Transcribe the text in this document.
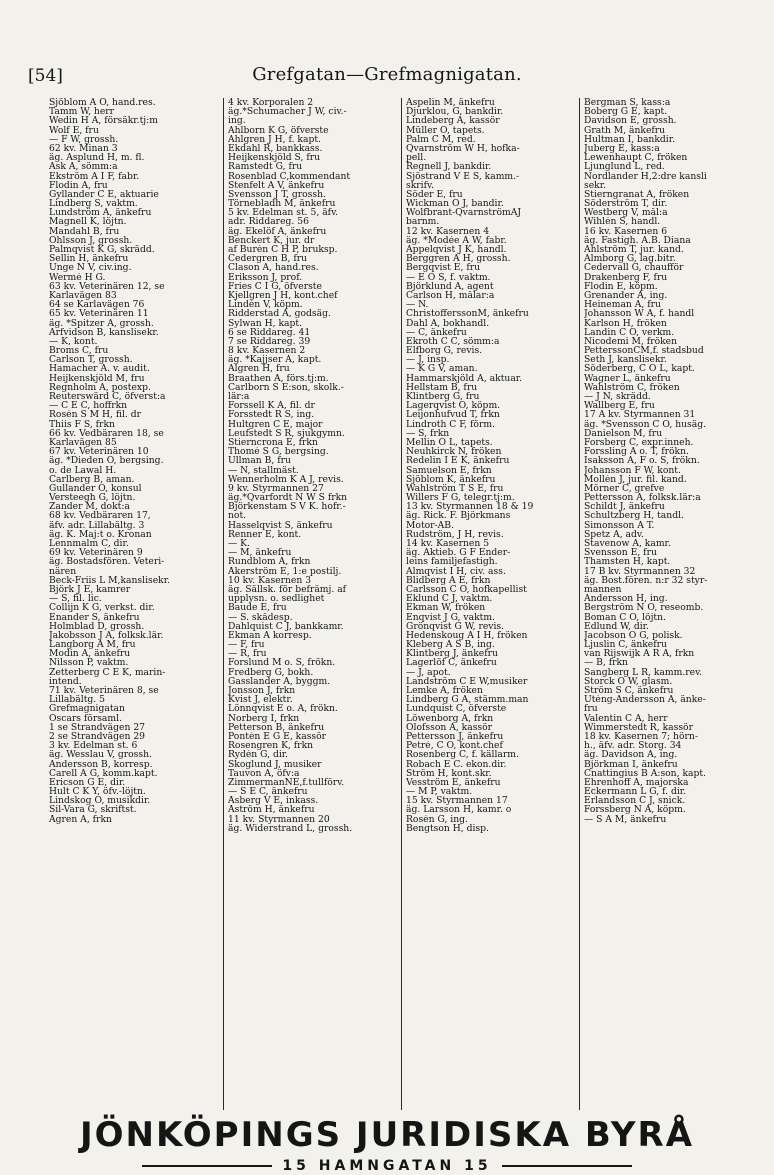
[54]	Grefgatan—Grefmagnigatan.
Sjöblom A O, hand.res.
Tamm W, herr
Wedin H A, försäkr.tj:m
Wolf E, fru
— F W, grossh.
62 kv. Minan 3
äg. Asplund H, m. fl.
Ask A, sömm:a
Ekström A I F, fabr.
Flodin A, fru
Gyllander C E, aktuarie
Lindberg S, vaktm.
Lundström A, änkefru
Magnell K, löjtn.
Mandahl B, fru
Ohlsson J, grossh.
Palmqvist K G, skrädd.
Sellin H, änkefru
Unge N V, civ.ing.
Wermé H G.
63 kv. Veterinären 12, se
Karlavägen 83
64 se Karlavägen 76
65 kv. Veterinären 11
äg. *Spitzer A, grossh.
Arfvidson B, kanslisekr.
— K, kont.
Broms C, fru
Carlson T, grossh.
Hamacher A. v. audit.
Heijkenskjöld M, fru
Regnholm A, postexp.
Reuterswärd C, öfverst:a
— C E C, hoffrkn
Rosén S M H, fil. dr
Thiis F S, frkn
66 kv. Vedbäraren 18, se
Karlavägen 85
67 kv. Veterinären 10
äg. *Dieden O, bergsing.
o. de Lawal H.
Carlberg B, aman.
Gullander O, konsul
Versteegh G, löjtn.
Zander M, dokt:a
68 kv. Vedbäraren 17,
äfv. adr. Lillabältg. 3
äg. K. Maj:t o. Kronan
Lennmalm C, dir.
69 kv. Veterinären 9
äg. Bostadsfören. Veteri-
nären
Beck-Friis L M,kanslisekr.
Björk J E, kamrer
— S, fil. lic.
Collijn K G, verkst. dir.
Enander S, änkefru
Holmblad D, grossh.
Jakobsson J A, folksk.lär.
Langborg A M, fru
Modin A, änkefru
Nilsson P, vaktm.
Zetterberg C E K, marin-
intend.
71 kv. Veterinären 8, se
Lillabältg. 5
Grefmagnigatan
Oscars församl.
1 se Strandvägen 27
2 se Strandvägen 29
3 kv. Edelman st. 6
äg. Wesslau V, grossh.
Andersson B, korresp.
Carell A G, komm.kapt.
Ericson G E, dir.
Hult C K Y, öfv.-löjtn.
Lindskog O, musikdir.
Sil-Vara G, skriftst.
Ågren A, frkn
4 kv. Korporalen 2
äg.*Schumacher J W, civ.-
ing.
Ahlborn K G, öfverste
Ahlgren J H, f. kapt.
Ekdahl R, bankkass.
Heijkenskjöld S, fru
Ramstedt G, fru
Rosenblad C,kommendant
Stenfelt A V, änkefru
Svensson J T, grossh.
Törnebladh M, änkefru
5 kv. Edelman st. 5, äfv.
adr. Riddareg. 56
äg. Ekelöf A, änkefru
Benckert K, jur. dr
af Burén C H P, bruksp.
Cedergren B, fru
Clason A, hand.res.
Eriksson J, prof.
Fries C I G, öfverste
Kjellgren J H, kont.chef
Lindén V, köpm.
Ridderstad A, godsäg.
Sylwan H, kapt.
6 se Riddareg. 41
7 se Riddareg. 39
8 kv. Kasernen 2
äg. *Kajjser A, kapt.
Algren H, fru
Braathen A, förs.tj:m.
Carlborn S E:son, skolk.-
lär:a
Forssell K A, fil. dr
Forsstedt R S, ing.
Hultgren C E, major
Leufstedt S R, sjukgymn.
Stierncrona E, frkn
Thomé S G, bergsing.
Ullman B, fru
— N, stallmäst.
Wennerholm K A J, revis.
9 kv. Styrmannen 27
äg.*Qvarfordt N W S frkn
Björkenstam S V K. hofr.-
not.
Hasselqvist S, änkefru
Renner E, kont.
— K.
— M, änkefru
Rundblom A, frkn
Åkerström E, 1:e postilj.
10 kv. Kasernen 3
äg. Sällsk. för befrämj. af
upplysn. o. sedlighet
Baude E, fru
— S. skådesp.
Dahlquist C J, bankkamr.
Ekman A korresp.
— F, fru
— R, fru
Forslund M o. S, frökn.
Fredberg G, bokh.
Gasslander A, byggm.
Jonsson J, frkn
Kvist J, elektr.
Lönnqvist E o. A, frökn.
Norberg I, frkn
Petterson B, änkefru
Pontén E G E, kassör
Rosengren K, frkn
Rydén G, dir.
Skoglund J, musiker
Tauvon A, öfv:a
ZimmermanNE,f.tullförv.
— S E C, änkefru
Åsberg V E, inkass.
Åström H, änkefru
11 kv. Styrmannen 20
äg. Widerstrand L, grossh.
Aspelin M, änkefru
Djurklou, G, bankdir.
Lindeberg A, kassör
Müller O, tapets.
Palm C M, red.
Qvarnström W H, hofka-
pell.
Regnell J, bankdir.
Sjöstrand V E S, kamm.-
skrifv.
Söder E, fru
Wickman O J, bandir.
Wolfbrant-QvarnströmAJ
barnm.
12 kv. Kasernen 4
äg. *Modée A W, fabr.
Appelqvist J K, handl.
Berggren A H, grossh.
Bergqvist E, fru
— E O S, f. vaktm.
Björklund A, agent
Carlson H, målar:a
— N.
ChristofferssonM, änkefru
Dahl A, bokhandl.
— C, änkefru
Ekroth C C, sömm:a
Elfborg G, revis.
— J, insp.
— K G V, aman.
Hammarskjöld A, aktuar.
Hellstam B, fru
Klintberg G, fru
Lagerqvist O, köpm.
Leijonhufvud T, frkn
Lindroth C F, förm.
— S, frkn
Mellin O L, tapets.
Neuhkirck N, fröken
Redelin I E K, änkefru
Samuelson E, frkn
Sjöblom K, änkefru
Wahlström T S E, fru
Willers F G, telegr.tj:m.
13 kv. Styrmannen 18 & 19
äg. Rick. F. Björkmans
Motor-AB.
Rudström, J H, revis.
14 kv. Kasernen 5
äg. Aktieb. G F Ender-
leins familjefastigh.
Almqvist I H, civ. ass.
Blidberg A E, frkn
Carlsson C O, hofkapellist
Eklund C J, vaktm.
Ekman W, fröken
Enqvist J G, vaktm.
Grönqvist G W, revis.
Hedenskoug A I H, fröken
Kleberg A S B, ing.
Klintberg J, änkefru
Lagerlöf C, änkefru
— J, apot.
Landström C E W,musiker
Lemke A, fröken
Lindberg G A, stämm.man
Lundquist C, öfverste
Löwenborg A, frkn
Olofsson A, kassör
Pettersson J, änkefru
Petré, C O, kont.chef
Rosenberg C, f. källarm.
Robach E C. ekon.dir.
Ström H, kont.skr.
Vesström E, änkefru
— M P, vaktm.
15 kv. Styrmannen 17
äg. Larsson H, kamr. o
Rosén G, ing.
Bengtson H, disp.
Bergman S, kass:a
Boberg G E, kapt.
Davidson E, grossh.
Grath M, änkefru
Hultman I, bankdir.
Juberg E, kass:a
Lewenhaupt C, fröken
Ljunglund L, red.
Nordlander H,2:dre kansli
sekr.
Stierngranat A, fröken
Söderström T, dir.
Westberg V, mål:a
Wihlén S, handl.
16 kv. Kasernen 6
äg. Fastigh. A.B. Diana
Ahlström T, jur. kand.
Almborg G, lag.bitr.
Cedervall G, chaufför
Drakenberg F, fru
Flodin E, köpm.
Grenander A, ing.
Heineman A, fru
Johansson W A, f. handl
Karlson H, fröken
Landin C O, verkm.
Nicodemi M, fröken
PetterssonCM,f. stadsbud
Seth J, kanslisekr.
Söderberg, C O L, kapt.
Wagner L, änkefru
Wahlström C, fröken
— J N, skrädd.
Wallberg E, fru
17 A kv. Styrmannen 31
äg. *Svensson C O, husäg.
Danielson M, fru
Forsberg C, expr.inneh.
Forssling A o. T, frökn.
Isaksson A, F o. S, frökn.
Johansson F W, kont.
Mollén J, jur. fil. kand.
Mörner C, grefve
Pettersson A, folksk.lär:a
Schildt J, änkefru
Schultzberg H, tandl.
Simonsson A T.
Spetz A, adv.
Stavenow A, kamr.
Svensson E, fru
Thamsten H, kapt.
17 B kv. Styrmannen 32
äg. Bost.fören. n:r 32 styr-
mannen
Andersson H, ing.
Bergström N O, reseomb.
Boman C O, löjtn.
Edlund W, dir.
Jacobson O G, polisk.
Ljuslin C, änkefru
van Rijswijk A R A, frkn
— B, frkn
Sangberg L R, kamm.rev.
Storck O W, glasm.
Ström S C, änkefru
Uténg-Andersson A, änke-
fru
Valentin C A, herr
Wimmerstedt R, kassör
18 kv. Kasernen 7; hörn-
h., äfv. adr. Storg. 34
äg. Davidson A, ing.
Björkman I, änkefru
Cnattingius B A:son, kapt.
Ehrenhoff A, majorska
Eckermann L G, f. dir.
Erlandsson C J, snick.
Forssberg N A, köpm.
— S A M, änkefru
JÖNKÖPINGS JURIDISKA BYRÅ
15 HAMNGATAN 15
